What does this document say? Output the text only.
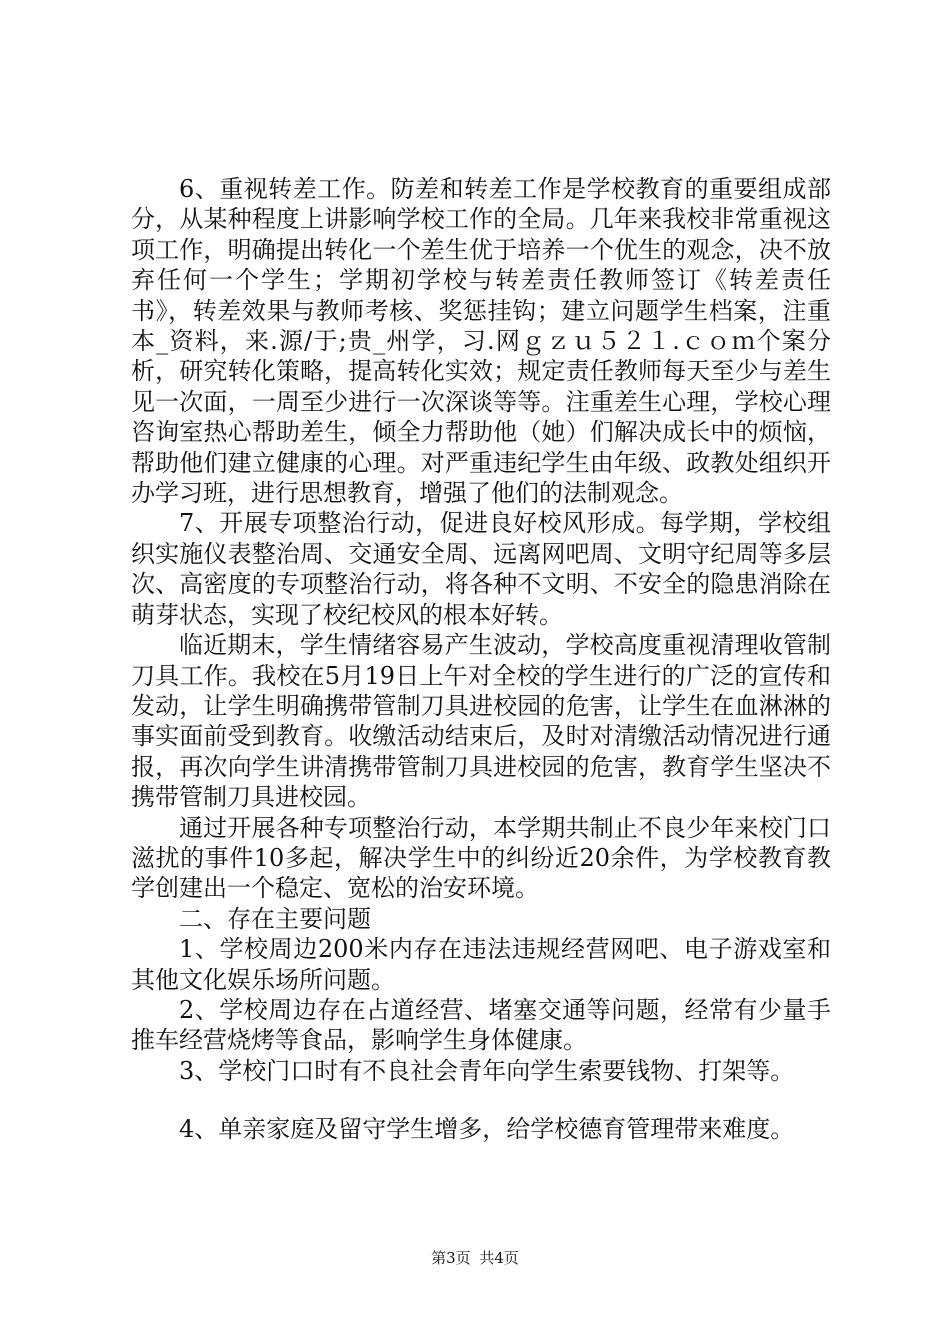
6、重视转差工作。防差和转差工作是学校教育的重要组成部分，从某种程度上讲影响学校工作的全局。几年来我校非常重视这项工作，明确提出转化一个差生优于培养一个优生的观念，决不放弃任何一个学生；学期初学校与转差责任教师签订《转差责任书》，转差效果与教师考核、奖惩挂钩；建立问题学生档案，注重本_资料，来.源/于;贵_州学，习.网ｇｚｕ５２１.ｃｏｍ个案分析，研究转化策略，提高转化实效；规定责任教师每天至少与差生见一次面，一周至少进行一次深谈等等。注重差生心理，学校心理咨询室热心帮助差生，倾全力帮助他（她）们解决成长中的烦恼，帮助他们建立健康的心理。对严重违纪学生由年级、政教处组织开办学习班，进行思想教育，增强了他们的法制观念。

7、开展专项整治行动，促进良好校风形成。每学期，学校组织实施仪表整治周、交通安全周、远离网吧周、文明守纪周等多层次、高密度的专项整治行动，将各种不文明、不安全的隐患消除在萌芽状态，实现了校纪校风的根本好转。

临近期末，学生情绪容易产生波动，学校高度重视清理收管制刀具工作。我校在5月19日上午对全校的学生进行的广泛的宣传和发动，让学生明确携带管制刀具进校园的危害，让学生在血淋淋的事实面前受到教育。收缴活动结束后，及时对清缴活动情况进行通报，再次向学生讲清携带管制刀具进校园的危害，教育学生坚决不携带管制刀具进校园。

通过开展各种专项整治行动，本学期共制止不良少年来校门口滋扰的事件10多起，解决学生中的纠纷近20余件，为学校教育教学创建出一个稳定、宽松的治安环境。

二、存在主要问题

1、学校周边200米内存在违法违规经营网吧、电子游戏室和其他文化娱乐场所问题。

2、学校周边存在占道经营、堵塞交通等问题，经常有少量手推车经营烧烤等食品，影响学生身体健康。

3、学校门口时有不良社会青年向学生索要钱物、打架等。

4、单亲家庭及留守学生增多，给学校德育管理带来难度。

第3页 共4页
